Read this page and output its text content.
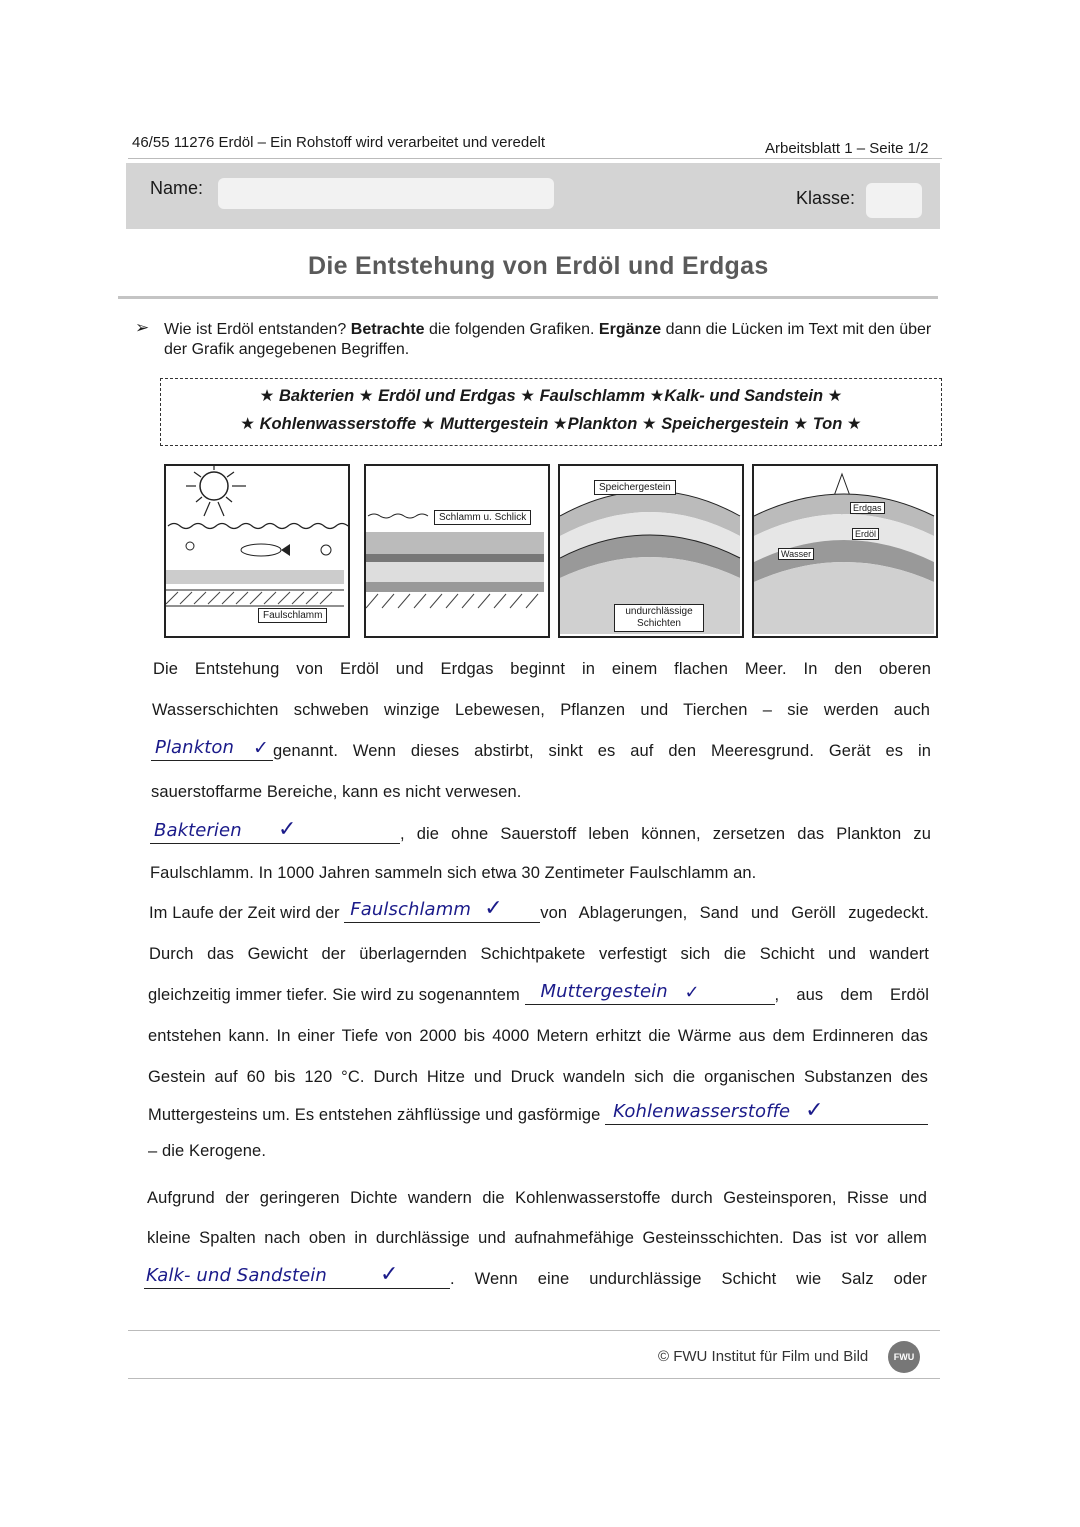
46/55 11276 Erdöl – Ein Rohstoff wird verarbeitet und veredelt	Arbeitsblatt 1 – Seite 1/2
Name:	Klasse:
Die Entstehung von Erdöl und Erdgas
➢ Wie ist Erdöl entstanden? Betrachte die folgenden Grafiken. Ergänze dann die Lücken im Text mit den über der Grafik angegebenen Begriffen.
★ Bakterien ★ Erdöl und Erdgas ★ Faulschlamm ★Kalk- und Sandstein ★
★ Kohlenwasserstoffe ★ Muttergestein ★Plankton ★ Speichergestein ★ Ton ★
Faulschlamm
Schlamm u. Schlick
Speichergestein
undurchlässige Schichten
Erdgas
Erdöl
Wasser
Die Entstehung von Erdöl und Erdgas beginnt in einem flachen Meer. In den oberen
Wasserschichten schweben winzige Lebewesen, Pflanzen und Tierchen – sie werden auch
Plankton ✓ genannt. Wenn dieses abstirbt, sinkt es auf den Meeresgrund. Gerät es in
sauerstoffarme Bereiche, kann es nicht verwesen.
Bakterien ✓	, die ohne Sauerstoff leben können, zersetzen das Plankton zu
Faulschlamm. In 1000 Jahren sammeln sich etwa 30 Zentimeter Faulschlamm an.
Im Laufe der Zeit wird der Faulschlamm ✓ von Ablagerungen, Sand und Geröll zugedeckt.
Durch das Gewicht der überlagernden Schichtpakete verfestigt sich die Schicht und wandert
gleichzeitig immer tiefer. Sie wird zu sogenanntem Muttergestein ✓	, aus dem Erdöl
entstehen kann. In einer Tiefe von 2000 bis 4000 Metern erhitzt die Wärme aus dem Erdinneren das
Gestein auf 60 bis 120 °C. Durch Hitze und Druck wandeln sich die organischen Substanzen des
Muttergesteins um. Es entstehen zähflüssige und gasförmige Kohlenwasserstoffe ✓
– die Kerogene.
Aufgrund der geringeren Dichte wandern die Kohlenwasserstoffe durch Gesteinsporen, Risse und
kleine Spalten nach oben in durchlässige und aufnahmefähige Gesteinsschichten. Das ist vor allem
Kalk- und Sandstein ✓	. Wenn eine undurchlässige Schicht wie Salz oder
© FWU Institut für Film und Bild	FWU
